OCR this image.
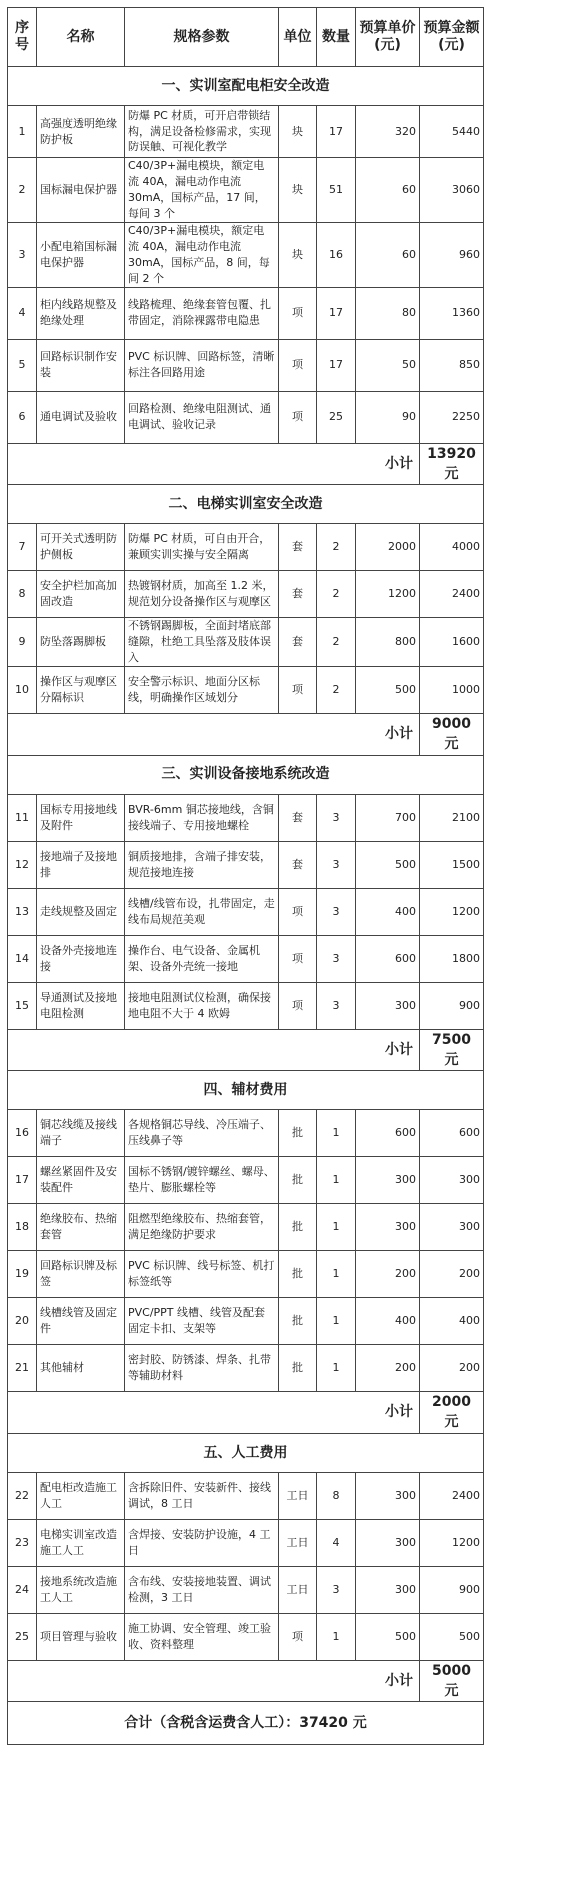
序号	名称	规格参数	单位	数量	预算单价(元)	预算金额(元)
一、实训室配电柜安全改造						
1	高强度透明绝缘防护板	防爆 PC 材质，可开启带锁结构，满足设备检修需求，实现防误触、可视化教学	块	17	320	5440
2	国标漏电保护器	C40/3P+漏电模块，额定电流 40A，漏电动作电流 30mA，国标产品，17 间，每间 3 个	块	51	60	3060
3	小配电箱国标漏电保护器	C40/3P+漏电模块，额定电流 40A，漏电动作电流 30mA，国标产品，8 间，每间 2 个	块	16	60	960
4	柜内线路规整及绝缘处理	线路梳理、绝缘套管包覆、扎带固定，消除裸露带电隐患	项	17	80	1360
5	回路标识制作安装	PVC 标识牌、回路标签，清晰标注各回路用途	项	17	50	850
6	通电调试及验收	回路检测、绝缘电阻测试、通电调试、验收记录	项	25	90	2250
小计						13920 元
二、电梯实训室安全改造						
7	可开关式透明防护侧板	防爆 PC 材质，可自由开合，兼顾实训实操与安全隔离	套	2	2000	4000
8	安全护栏加高加固改造	热镀钢材质，加高至 1.2 米，规范划分设备操作区与观摩区	套	2	1200	2400
9	防坠落踢脚板	不锈钢踢脚板，全面封堵底部缝隙，杜绝工具坠落及肢体误入	套	2	800	1600
10	操作区与观摩区分隔标识	安全警示标识、地面分区标线，明确操作区域划分	项	2	500	1000
小计						9000 元
三、实训设备接地系统改造						
11	国标专用接地线及附件	BVR-6mm 铜芯接地线，含铜接线端子、专用接地螺栓	套	3	700	2100
12	接地端子及接地排	铜质接地排，含端子排安装，规范接地连接	套	3	500	1500
13	走线规整及固定	线槽/线管布设，扎带固定，走线布局规范美观	项	3	400	1200
14	设备外壳接地连接	操作台、电气设备、金属机架、设备外壳统一接地	项	3	600	1800
15	导通测试及接地电阻检测	接地电阻测试仪检测，确保接地电阻不大于 4 欧姆	项	3	300	900
小计						7500 元
四、辅材费用						
16	铜芯线缆及接线端子	各规格铜芯导线、冷压端子、压线鼻子等	批	1	600	600
17	螺丝紧固件及安装配件	国标不锈钢/镀锌螺丝、螺母、垫片、膨胀螺栓等	批	1	300	300
18	绝缘胶布、热缩套管	阻燃型绝缘胶布、热缩套管，满足绝缘防护要求	批	1	300	300
19	回路标识牌及标签	PVC 标识牌、线号标签、机打标签纸等	批	1	200	200
20	线槽线管及固定件	PVC/PPT 线槽、线管及配套固定卡扣、支架等	批	1	400	400
21	其他辅材	密封胶、防锈漆、焊条、扎带等辅助材料	批	1	200	200
小计						2000 元
五、人工费用						
22	配电柜改造施工人工	含拆除旧件、安装新件、接线调试，8 工日	工日	8	300	2400
23	电梯实训室改造施工人工	含焊接、安装防护设施，4 工日	工日	4	300	1200
24	接地系统改造施工人工	含布线、安装接地装置、调试检测，3 工日	工日	3	300	900
25	项目管理与验收	施工协调、安全管理、竣工验收、资料整理	项	1	500	500
小计						5000 元
合计（含税含运费含人工）：37420 元						
